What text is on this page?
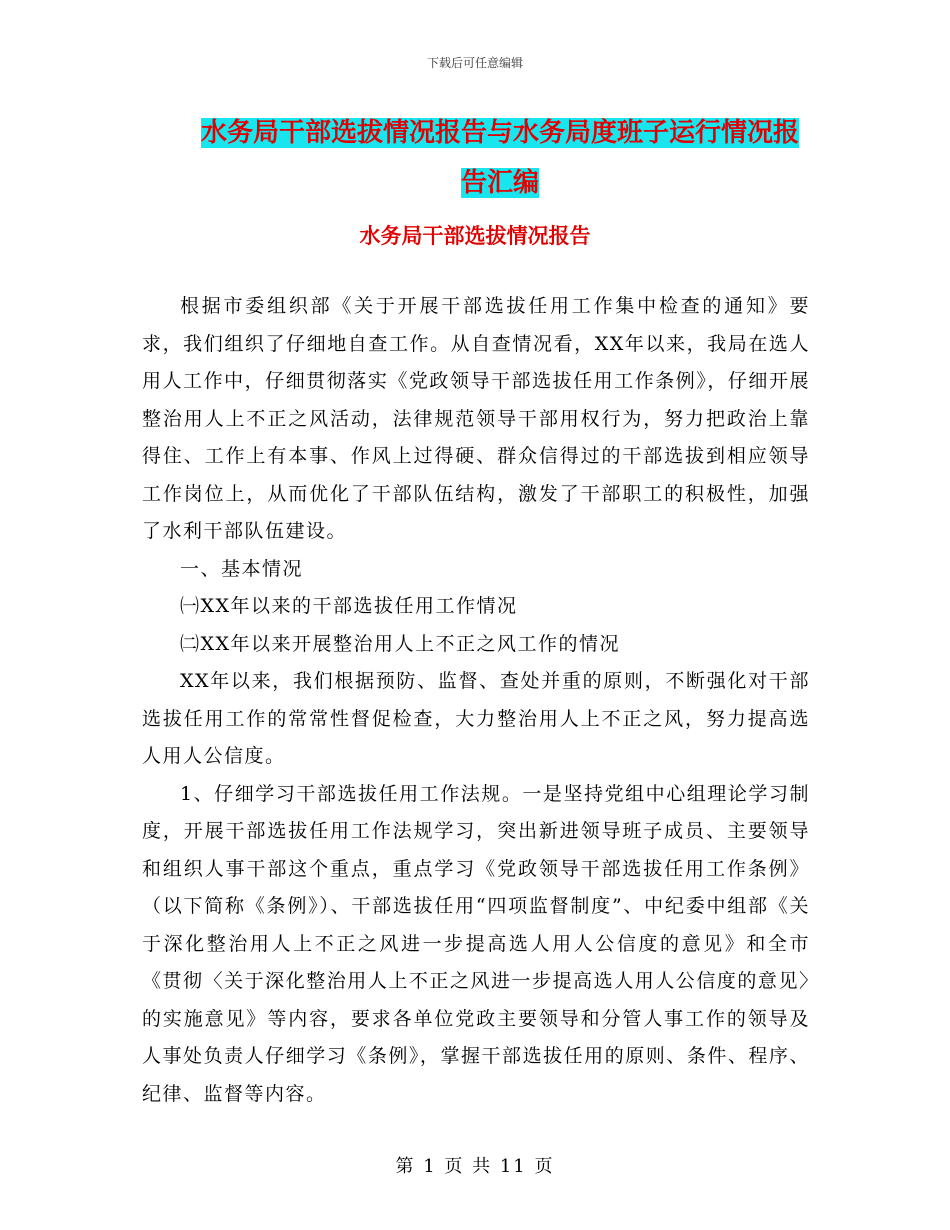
下载后可任意编辑
水务局干部选拔情况报告与水务局度班子运行情况报
告汇编
水务局干部选拔情况报告

根据市委组织部《关于开展干部选拔任用工作集中检查的通知》要求，我们组织了仔细地自查工作。从自查情况看，XX年以来，我局在选人用人工作中，仔细贯彻落实《党政领导干部选拔任用工作条例》，仔细开展整治用人上不正之风活动，法律规范领导干部用权行为，努力把政治上靠得住、工作上有本事、作风上过得硬、群众信得过的干部选拔到相应领导工作岗位上，从而优化了干部队伍结构，激发了干部职工的积极性，加强了水利干部队伍建设。

一、基本情况

㈠XX年以来的干部选拔任用工作情况

㈡XX年以来开展整治用人上不正之风工作的情况

XX年以来，我们根据预防、监督、查处并重的原则，不断强化对干部选拔任用工作的常常性督促检查，大力整治用人上不正之风，努力提高选人用人公信度。

1、仔细学习干部选拔任用工作法规。一是坚持党组中心组理论学习制度，开展干部选拔任用工作法规学习，突出新进领导班子成员、主要领导和组织人事干部这个重点，重点学习《党政领导干部选拔任用工作条例》（以下简称《条例》）、干部选拔任用“四项监督制度”、中纪委中组部《关于深化整治用人上不正之风进一步提高选人用人公信度的意见》和全市《贯彻〈关于深化整治用人上不正之风进一步提高选人用人公信度的意见〉的实施意见》等内容，要求各单位党政主要领导和分管人事工作的领导及人事处负责人仔细学习《条例》，掌握干部选拔任用的原则、条件、程序、纪律、监督等内容。

第 1 页 共 11 页
